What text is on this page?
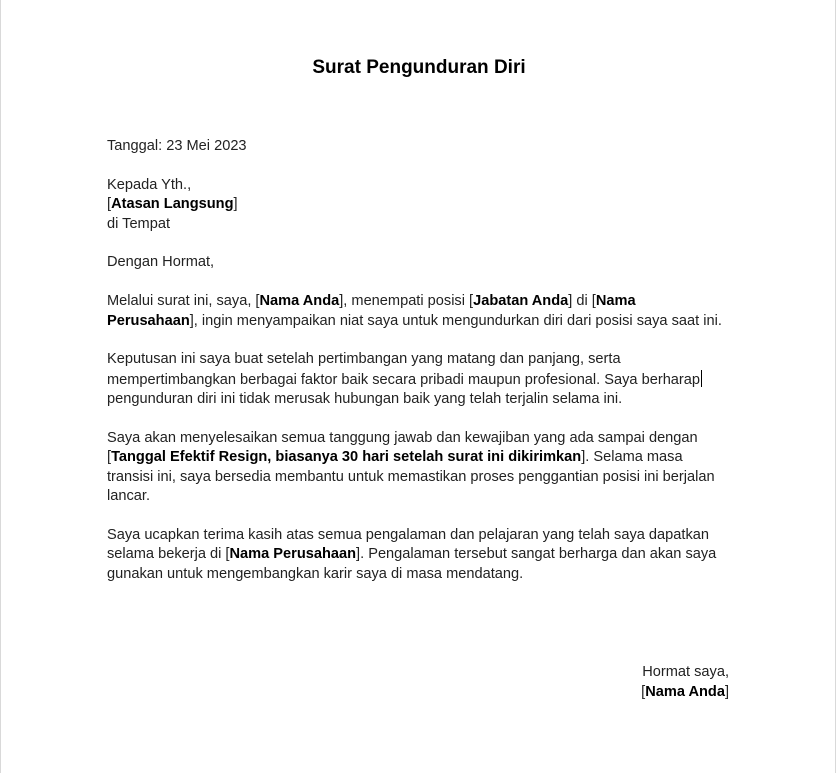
Surat Pengunduran Diri
Tanggal: 23 Mei 2023
Kepada Yth.,
[Atasan Langsung]
di Tempat
Dengan Hormat,
Melalui surat ini, saya, [Nama Anda], menempati posisi [Jabatan Anda] di [Nama
Perusahaan], ingin menyampaikan niat saya untuk mengundurkan diri dari posisi saya saat ini.
Keputusan ini saya buat setelah pertimbangan yang matang dan panjang, serta
mempertimbangkan berbagai faktor baik secara pribadi maupun profesional. Saya berharap
pengunduran diri ini tidak merusak hubungan baik yang telah terjalin selama ini.
Saya akan menyelesaikan semua tanggung jawab dan kewajiban yang ada sampai dengan
[Tanggal Efektif Resign, biasanya 30 hari setelah surat ini dikirimkan]. Selama masa
transisi ini, saya bersedia membantu untuk memastikan proses penggantian posisi ini berjalan
lancar.
Saya ucapkan terima kasih atas semua pengalaman dan pelajaran yang telah saya dapatkan
selama bekerja di [Nama Perusahaan]. Pengalaman tersebut sangat berharga dan akan saya
gunakan untuk mengembangkan karir saya di masa mendatang.
Hormat saya,
[Nama Anda]
